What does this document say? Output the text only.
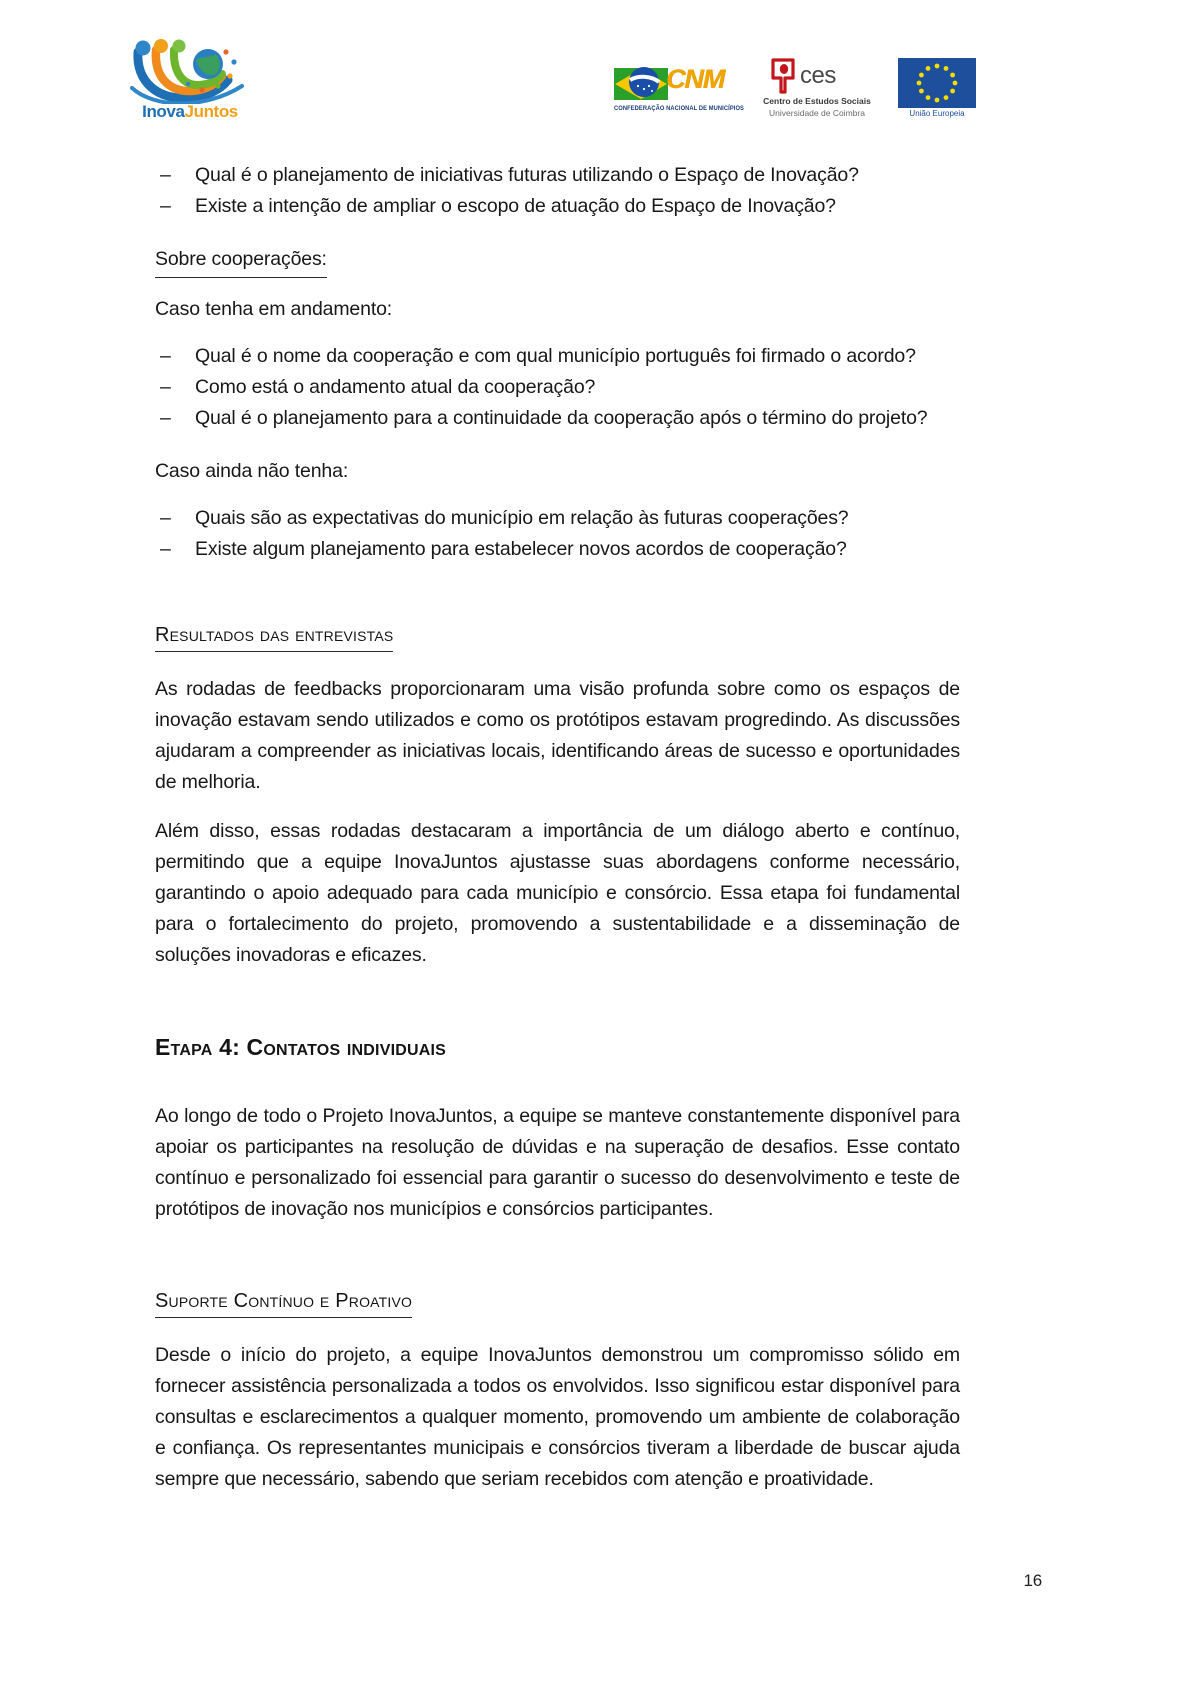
InovaJuntos
CNM
CONFEDERAÇÃO NACIONAL DE MUNICÍPIOS
ces
Centro de Estudos Sociais
Universidade de Coimbra	União Europeia
– Qual é o planejamento de iniciativas futuras utilizando o Espaço de Inovação?
– Existe a intenção de ampliar o escopo de atuação do Espaço de Inovação?

Sobre cooperações:

Caso tenha em andamento:

– Qual é o nome da cooperação e com qual município português foi firmado o acordo?
– Como está o andamento atual da cooperação?
– Qual é o planejamento para a continuidade da cooperação após o término do projeto?

Caso ainda não tenha:

– Quais são as expectativas do município em relação às futuras cooperações?
– Existe algum planejamento para estabelecer novos acordos de cooperação?

Resultados das entrevistas

As rodadas de feedbacks proporcionaram uma visão profunda sobre como os espaços de inovação estavam sendo utilizados e como os protótipos estavam progredindo. As discussões ajudaram a compreender as iniciativas locais, identificando áreas de sucesso e oportunidades de melhoria.

Além disso, essas rodadas destacaram a importância de um diálogo aberto e contínuo, permitindo que a equipe InovaJuntos ajustasse suas abordagens conforme necessário, garantindo o apoio adequado para cada município e consórcio. Essa etapa foi fundamental para o fortalecimento do projeto, promovendo a sustentabilidade e a disseminação de soluções inovadoras e eficazes.

Etapa 4: Contatos individuais

Ao longo de todo o Projeto InovaJuntos, a equipe se manteve constantemente disponível para apoiar os participantes na resolução de dúvidas e na superação de desafios. Esse contato contínuo e personalizado foi essencial para garantir o sucesso do desenvolvimento e teste de protótipos de inovação nos municípios e consórcios participantes.

Suporte Contínuo e Proativo

Desde o início do projeto, a equipe InovaJuntos demonstrou um compromisso sólido em fornecer assistência personalizada a todos os envolvidos. Isso significou estar disponível para consultas e esclarecimentos a qualquer momento, promovendo um ambiente de colaboração e confiança. Os representantes municipais e consórcios tiveram a liberdade de buscar ajuda sempre que necessário, sabendo que seriam recebidos com atenção e proatividade.

16
